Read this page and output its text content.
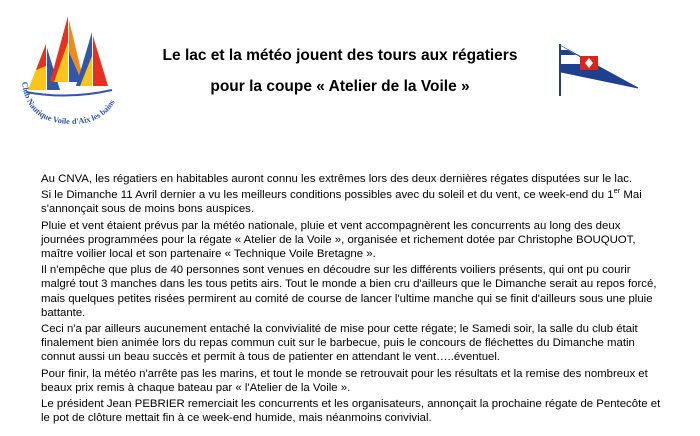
Club Nautique Voile d'Aix les bains
Le lac et la météo jouent des tours aux régatiers
pour la coupe « Atelier de la Voile »

Au CNVA, les régatiers en habitables auront connu les extrêmes lors des deux dernières régates disputées sur le lac.

Si le Dimanche 11 Avril dernier a vu les meilleurs conditions possibles avec du soleil et du vent, ce week-end du 1er Mai s'annonçait sous de moins bons auspices.

Pluie et vent étaient prévus par la météo nationale, pluie et vent accompagnèrent les concurrents au long des deux journées programmées pour la régate « Atelier de la Voile », organisée et richement dotée par Christophe BOUQUOT, maître voilier local et son partenaire « Technique Voile Bretagne ».

Il n'empêche que plus de 40 personnes sont venues en découdre sur les différents voiliers présents, qui ont pu courir malgré tout 3 manches dans les tous petits airs. Tout le monde a bien cru d'ailleurs que le Dimanche serait au repos forcé, mais quelques petites risées permirent au comité de course de lancer l'ultime manche qui se finit d'ailleurs sous une pluie battante.

Ceci n'a par ailleurs aucunement entaché la convivialité de mise pour cette régate; le Samedi soir, la salle du club était finalement bien animée lors du repas commun cuit sur le barbecue, puis le concours de fléchettes du Dimanche matin connut aussi un beau succès et permit à tous de patienter en attendant le vent…..éventuel.

Pour finir, la météo n'arrête pas les marins, et tout le monde se retrouvait pour les résultats et la remise des nombreux et beaux prix remis à chaque bateau par « l'Atelier de la Voile ».

Le président Jean PEBRIER remerciait les concurrents et les organisateurs, annonçait la prochaine régate de Pentecôte et le pot de clôture mettait fin à ce week-end humide, mais néanmoins convivial.
